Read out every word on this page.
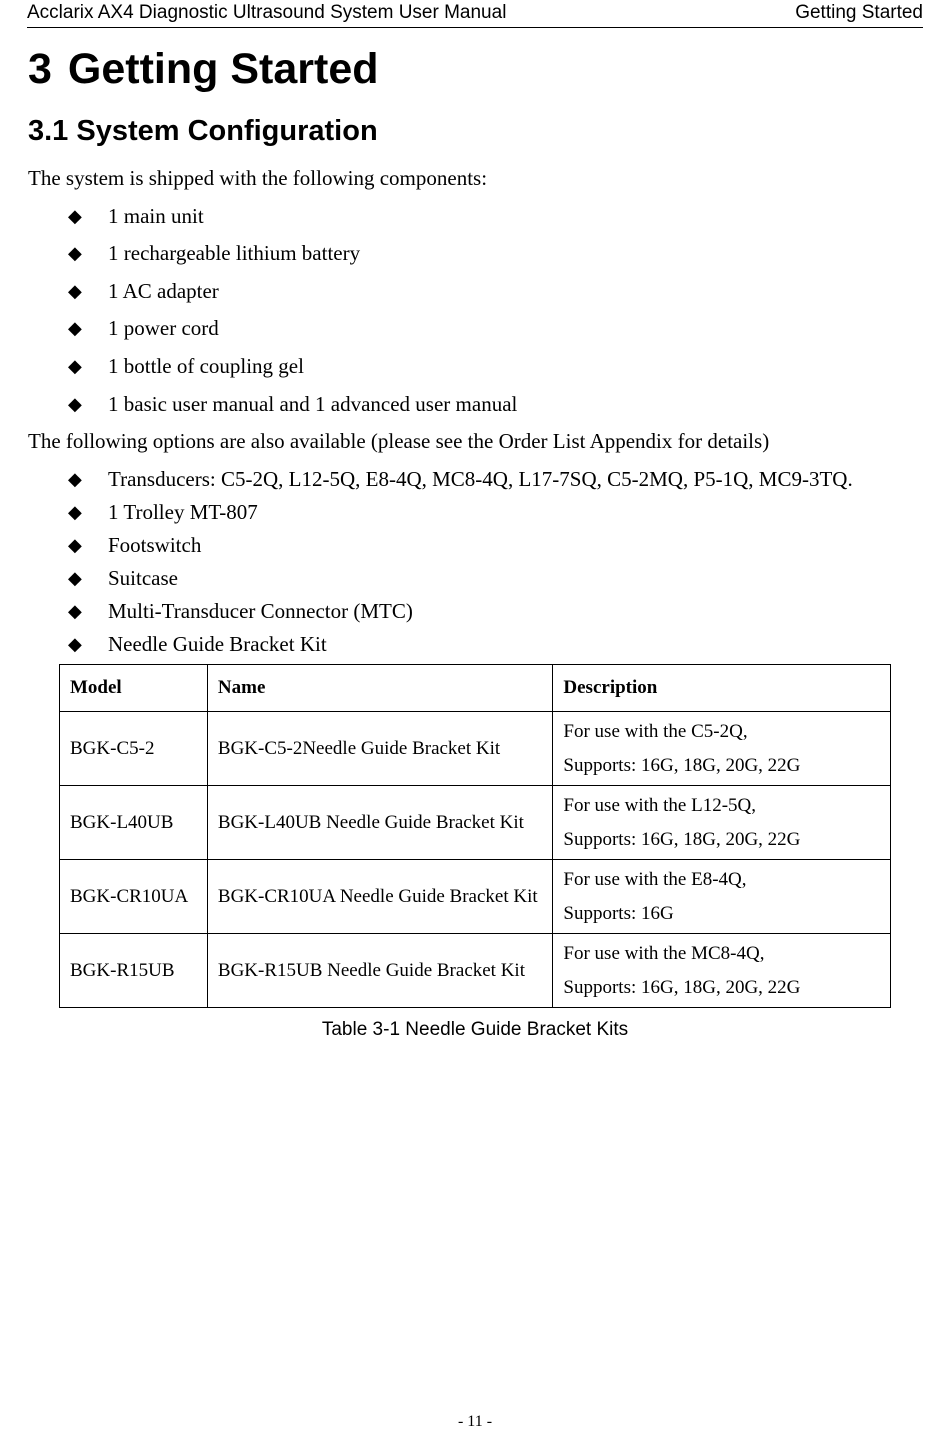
Acclarix AX4 Diagnostic Ultrasound System User Manual	Getting Started
3 Getting Started
3.1 System Configuration
The system is shipped with the following components:
◆ 1 main unit
◆ 1 rechargeable lithium battery
◆ 1 AC adapter
◆ 1 power cord
◆ 1 bottle of coupling gel
◆ 1 basic user manual and 1 advanced user manual
The following options are also available (please see the Order List Appendix for details)
◆ Transducers: C5-2Q, L12-5Q, E8-4Q, MC8-4Q, L17-7SQ, C5-2MQ, P5-1Q, MC9-3TQ.
◆ 1 Trolley MT-807
◆ Footswitch
◆ Suitcase
◆ Multi-Transducer Connector (MTC)
◆ Needle Guide Bracket Kit
Model	Name	Description
BGK-C5-2	BGK-C5-2Needle Guide Bracket Kit	For use with the C5-2Q,
Supports: 16G, 18G, 20G, 22G

BGK-L40UB	BGK-L40UB Needle Guide Bracket Kit	For use with the L12-5Q,
Supports: 16G, 18G, 20G, 22G

BGK-CR10UA	BGK-CR10UA Needle Guide Bracket Kit	For use with the E8-4Q,
Supports: 16G

BGK-R15UB	BGK-R15UB Needle Guide Bracket Kit	For use with the MC8-4Q,
Supports: 16G, 18G, 20G, 22G
Table 3-1 Needle Guide Bracket Kits
- 11 -
